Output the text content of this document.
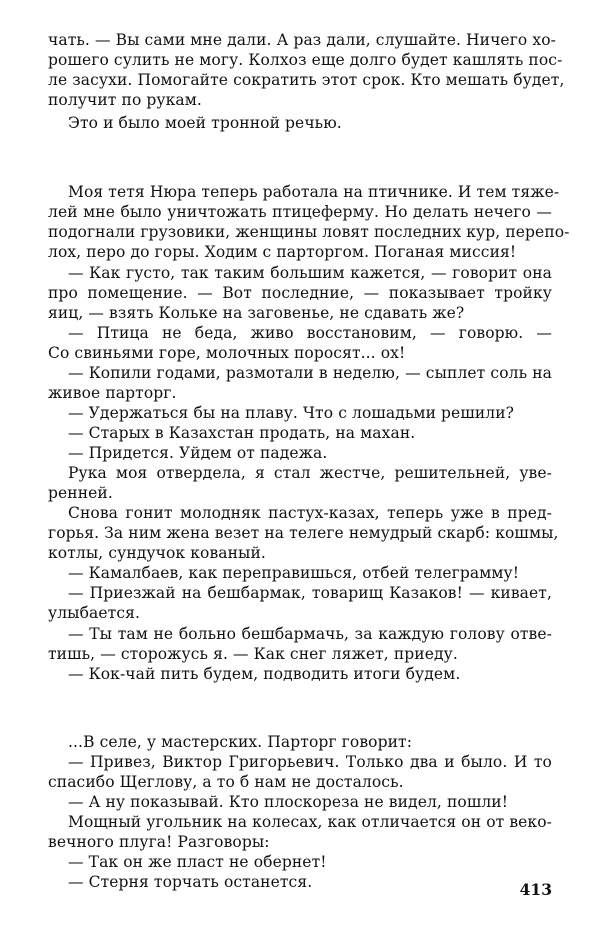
чать. — Вы сами мне дали. А раз дали, слушайте. Ничего хо-
рошего сулить не могу. Колхоз еще долго будет кашлять пос-
ле засухи. Помогайте сократить этот срок. Кто мешать будет,
получит по рукам.
Это и было моей тронной речью.
Моя тетя Нюра теперь работала на птичнике. И тем тяже-
лей мне было уничтожать птицеферму. Но делать нечего —
подогнали грузовики, женщины ловят последних кур, перепо-
лох, перо до горы. Ходим с парторгом. Поганая миссия!
— Как густо, так таким большим кажется, — говорит она
про помещение. — Вот последние, — показывает тройку
яиц, — взять Кольке на заговенье, не сдавать же?
— Птица не беда, живо восстановим, — говорю. —
Со свиньями горе, молочных поросят... ох!
— Копили годами, размотали в неделю, — сыплет соль на
живое парторг.
— Удержаться бы на плаву. Что с лошадьми решили?
— Старых в Казахстан продать, на махан.
— Придется. Уйдем от падежа.
Рука моя отвердела, я стал жестче, решительней, уве-
ренней.
Снова гонит молодняк пастух-казах, теперь уже в пред-
горья. За ним жена везет на телеге немудрый скарб: кошмы,
котлы, сундучок кованый.
— Камалбаев, как переправишься, отбей телеграмму!
— Приезжай на бешбармак, товарищ Казаков! — кивает,
улыбается.
— Ты там не больно бешбармачь, за каждую голову отве-
тишь, — сторожусь я. — Как снег ляжет, приеду.
— Кок-чай пить будем, подводить итоги будем.
...В селе, у мастерских. Парторг говорит:
— Привез, Виктор Григорьевич. Только два и было. И то
спасибо Щеглову, а то б нам не досталось.
— А ну показывай. Кто плоскореза не видел, пошли!
Мощный угольник на колесах, как отличается он от веко-
вечного плуга! Разговоры:
— Так он же пласт не обернет!
— Стерня торчать останется.	413
